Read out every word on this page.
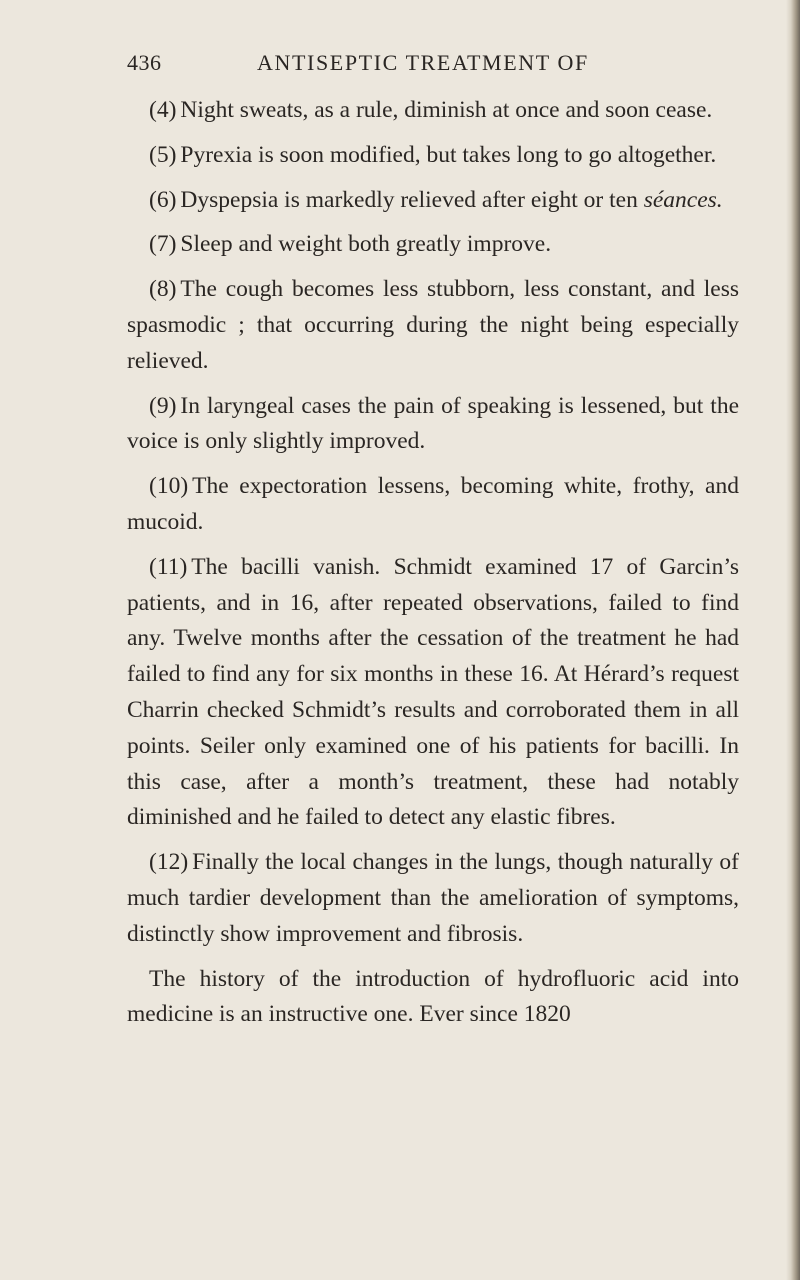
436	ANTISEPTIC TREATMENT OF

(4) Night sweats, as a rule, diminish at once and soon cease.

(5) Pyrexia is soon modified, but takes long to go altogether.

(6) Dyspepsia is markedly relieved after eight or ten séances.

(7) Sleep and weight both greatly improve.

(8) The cough becomes less stubborn, less constant, and less spasmodic ; that occurring during the night being especially relieved.

(9) In laryngeal cases the pain of speaking is lessened, but the voice is only slightly improved.

(10) The expectoration lessens, becoming white, frothy, and mucoid.

(11) The bacilli vanish. Schmidt examined 17 of Garcin’s patients, and in 16, after repeated observations, failed to find any. Twelve months after the cessation of the treatment he had failed to find any for six months in these 16. At Hérard’s request Charrin checked Schmidt’s results and corroborated them in all points. Seiler only examined one of his patients for bacilli. In this case, after a month’s treatment, these had notably diminished and he failed to detect any elastic fibres.

(12) Finally the local changes in the lungs, though naturally of much tardier development than the amelioration of symptoms, distinctly show improvement and fibrosis.

The history of the introduction of hydrofluoric acid into medicine is an instructive one. Ever since 1820
